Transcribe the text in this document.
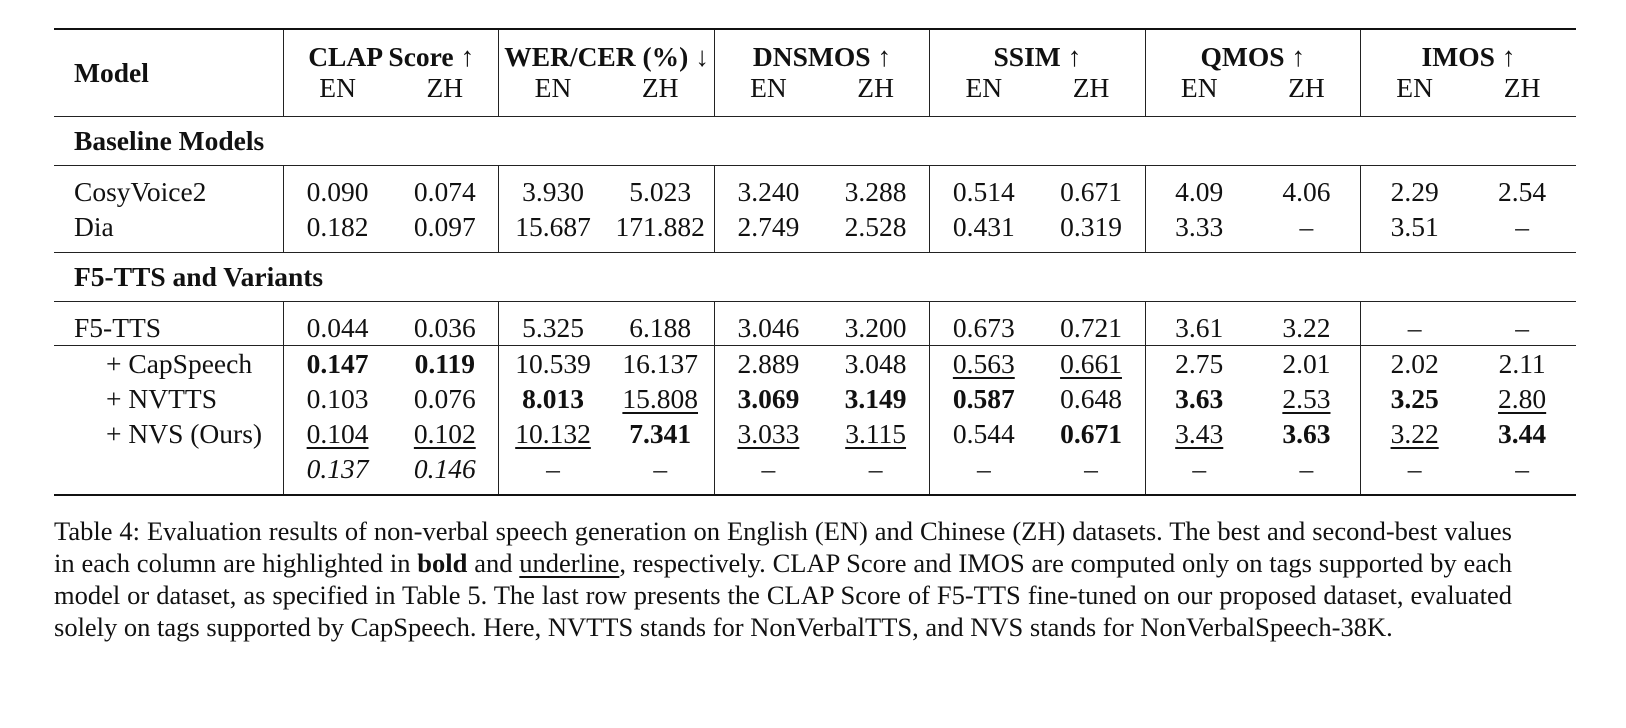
Model	CLAP Score ↑		WER/CER (%) ↓		DNSMOS ↑		SSIM ↑		QMOS ↑		IMOS ↑	
	EN	ZH	EN	ZH	EN	ZH	EN	ZH	EN	ZH	EN	ZH
Baseline Models												
CosyVoice2	0.090	0.074	3.930	5.023	3.240	3.288	0.514	0.671	4.09	4.06	2.29	2.54
Dia	0.182	0.097	15.687	171.882	2.749	2.528	0.431	0.319	3.33	–	3.51	–
F5-TTS and Variants												
F5-TTS	0.044	0.036	5.325	6.188	3.046	3.200	0.673	0.721	3.61	3.22	–	–
+ CapSpeech	0.147	0.119	10.539	16.137	2.889	3.048	0.563	0.661	2.75	2.01	2.02	2.11
+ NVTTS	0.103	0.076	8.013	15.808	3.069	3.149	0.587	0.648	3.63	2.53	3.25	2.80
+ NVS (Ours)	0.104	0.102	10.132	7.341	3.033	3.115	0.544	0.671	3.43	3.63	3.22	3.44
	0.137	0.146	–	–	–	–	–	–	–	–	–	–
Table 4: Evaluation results of non-verbal speech generation on English (EN) and Chinese (ZH) datasets. The best and second-best values in each column are highlighted in bold and underline, respectively. CLAP Score and IMOS are computed only on tags supported by each model or dataset, as specified in Table 5. The last row presents the CLAP Score of F5-TTS fine-tuned on our proposed dataset, evaluated solely on tags supported by CapSpeech. Here, NVTTS stands for NonVerbalTTS, and NVS stands for NonVerbalSpeech-38K.
